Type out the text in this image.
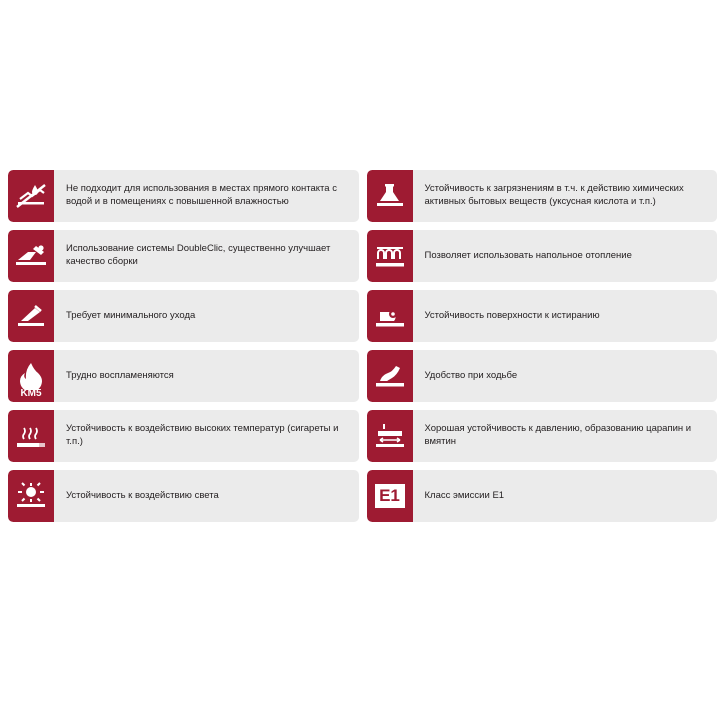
Не подходит для использования в местах прямого контакта с водой и в помещениях с повышенной влажностью
Использование системы DoubleClic, существенно улучшает качество сборки
Требует минимального ухода
KM5
Трудно воспламеняются
Устойчивость к воздействию высоких температур (сигареты и т.п.)
Устойчивость к воздействию света
Устойчивость к загрязнениям в т.ч. к действию химических активных бытовых веществ (уксусная кислота и т.п.)
Позволяет использовать напольное отопление
Устойчивость поверхности к истиранию
Удобство при ходьбе
Хорошая устойчивость к давлению, образованию царапин и вмятин
E1	Класс эмиссии Е1
